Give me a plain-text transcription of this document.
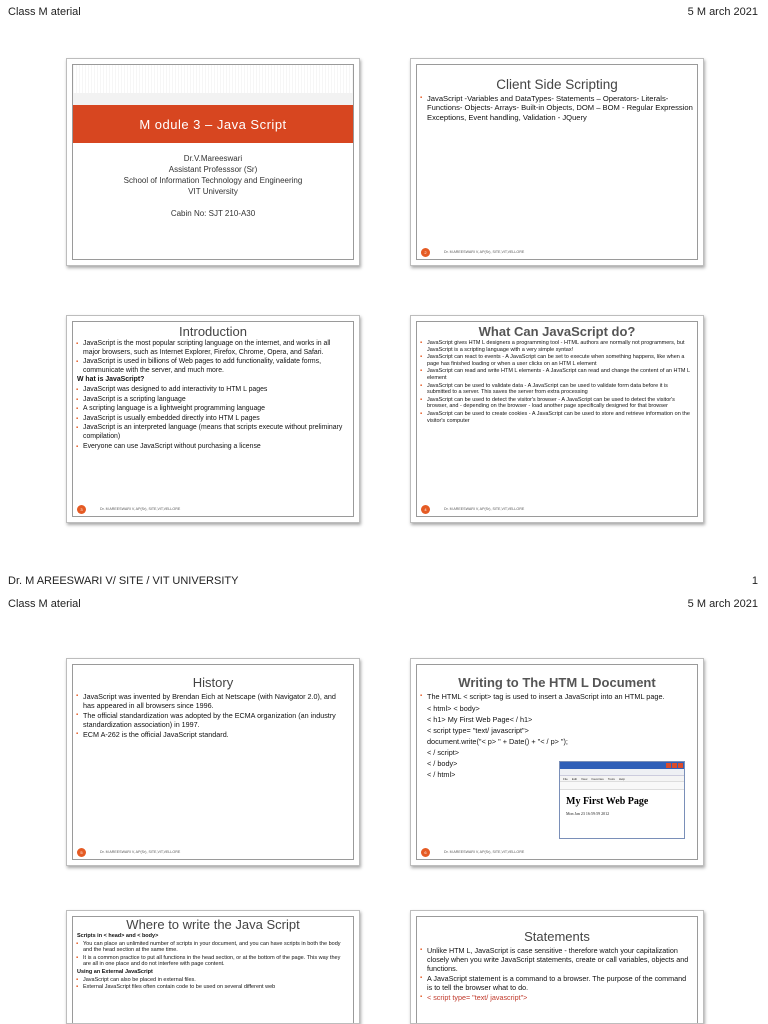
Class M aterial	5 M arch 2021
M odule 3 – Java Script
Dr.V.Mareeswari
Assistant Professsor (Sr)
School of Information Technology and Engineering
VIT University
Cabin No: SJT 210-A30
Client Side Scripting
▪ JavaScript -Variables and DataTypes- Statements – Operators- Literals- Functions- Objects- Arrays- Built-in Objects, DOM – BOM - Regular Expression Exceptions, Event handling, Validation - JQuery
2	Dr. M AREESWARI V, AP(Sr), SITE,VIT,VELLORE
Introduction
▪ JavaScript is the most popular scripting language on the internet, and works in all major browsers, such as Internet Explorer, Firefox, Chrome, Opera, and Safari.
▪ JavaScript is used in billions of Web pages to add functionality, validate forms, communicate with the server, and much more.
W hat is JavaScript?
▪ JavaScript was designed to add interactivity to HTM L pages
▪ JavaScript is a scripting language
▪ A scripting language is a lightweight programming language
▪ JavaScript is usually embedded directly into HTM L pages
▪ JavaScript is an interpreted language (means that scripts execute without preliminary compilation)
▪ Everyone can use JavaScript without purchasing a license
3	Dr. M AREESWARI V, AP(Sr), SITE,VIT,VELLORE
What Can JavaScript do?
▪ JavaScript gives HTM L designers a programming tool - HTML authors are normally not programmers, but JavaScript is a scripting language with a very simple syntax!
▪ JavaScript can react to events - A JavaScript can be set to execute when something happens, like when a page has finished loading or when a user clicks on an HTM L element
▪ JavaScript can read and write HTM L elements - A JavaScript can read and change the content of an HTM L element
▪ JavaScript can be used to validate data - A JavaScript can be used to validate form data before it is submitted to a server. This saves the server from extra processing
▪ JavaScript can be used to detect the visitor's browser - A JavaScript can be used to detect the visitor's browser, and - depending on the browser - load another page specifically designed for that browser
▪ JavaScript can be used to create cookies - A JavaScript can be used to store and retrieve information on the visitor's computer
4	Dr. M AREESWARI V, AP(Sr), SITE,VIT,VELLORE
Dr. M AREESWARI V/ SITE / VIT UNIVERSITY	1
Class M aterial	5 M arch 2021
History
▪ JavaScript was invented by Brendan Eich at Netscape (with Navigator 2.0), and has appeared in all browsers since 1996.
▪ The official standardization was adopted by the ECMA organization (an industry standardization association) in 1997.
▪ ECM A-262 is the official JavaScript standard.
5	Dr. M AREESWARI V, AP(Sr), SITE,VIT,VELLORE
Writing to The HTM L Document
▪ The HTML < script> tag is used to insert a JavaScript into an HTML page.
< html> < body>
< h1> My First Web Page< / h1>
< script type= "text/ javascript">
document.write("< p> " + Date() + "< / p> ");
< / script>
< / body>
< / html>	File Edit View Favorites Tools Help
My First Web Page
Mon Jan 23 16:59:59 2012
6	Dr. M AREESWARI V, AP(Sr), SITE,VIT,VELLORE
Where to write the Java Script
Scripts in < head> and < body>
▪ You can place an unlimited number of scripts in your document, and you can have scripts in both the body and the head section at the same time.
▪ It is a common practice to put all functions in the head section, or at the bottom of the page. This way they are all in one place and do not interfere with page content.
Using an External JavaScript
▪ JavaScript can also be placed in external files.
▪ External JavaScript files often contain code to be used on several different web
Statements
▪ Unlike HTM L, JavaScript is case sensitive - therefore watch your capitalization closely when you write JavaScript statements, create or call variables, objects and functions.
▪ A JavaScript statement is a command to a browser. The purpose of the command is to tell the browser what to do.
▪ < script type= "text/ javascript">
